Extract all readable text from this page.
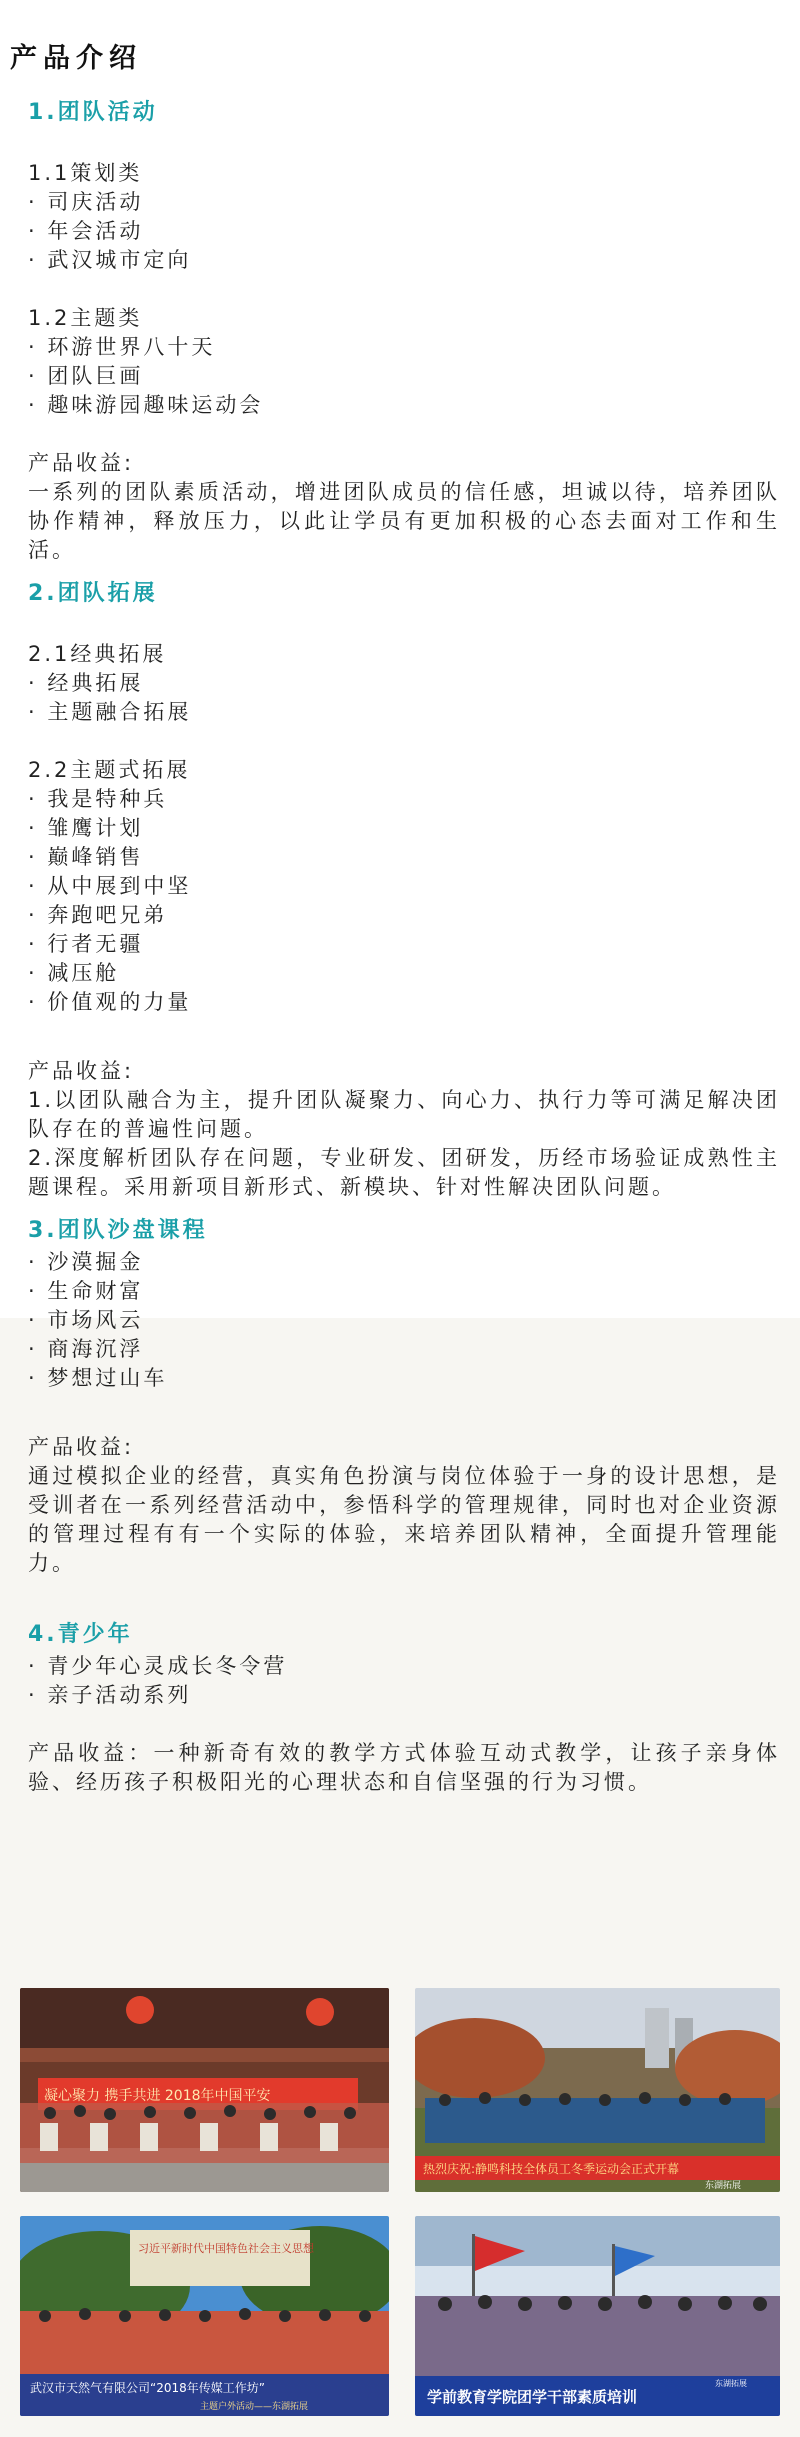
产品介绍
1.团队活动
1.1策划类
· 司庆活动
· 年会活动
· 武汉城市定向
1.2主题类
· 环游世界八十天
· 团队巨画
· 趣味游园趣味运动会
产品收益:
一系列的团队素质活动，增进团队成员的信任感，坦诚以待，培养团队协作精神，释放压力，以此让学员有更加积极的心态去面对工作和生活。
2.团队拓展
2.1经典拓展
· 经典拓展
· 主题融合拓展
2.2主题式拓展
· 我是特种兵
· 雏鹰计划
· 巅峰销售
· 从中展到中坚
· 奔跑吧兄弟
· 行者无疆
· 减压舱
· 价值观的力量
产品收益:
1.以团队融合为主，提升团队凝聚力、向心力、执行力等可满足解决团队存在的普遍性问题。
2.深度解析团队存在问题，专业研发、团研发，历经市场验证成熟性主题课程。采用新项目新形式、新模块、针对性解决团队问题。
3.团队沙盘课程
· 沙漠掘金
· 生命财富
· 市场风云
· 商海沉浮
· 梦想过山车
产品收益:
通过模拟企业的经营，真实角色扮演与岗位体验于一身的设计思想，是受训者在一系列经营活动中，参悟科学的管理规律，同时也对企业资源的管理过程有有一个实际的体验，来培养团队精神，全面提升管理能力。
4.青少年
· 青少年心灵成长冬令营
· 亲子活动系列
产品收益：一种新奇有效的教学方式体验互动式教学，让孩子亲身体验、经历孩子积极阳光的心理状态和自信坚强的行为习惯。
凝心聚力 携手共进 2018年中国平安
热烈庆祝:静鸣科技全体员工冬季运动会正式开幕
东湖拓展
习近平新时代中国特色社会主义思想
武汉市天然气有限公司“2018年传媒工作坊”
主题户外活动——东湖拓展
学前教育学院团学干部素质培训
东湖拓展
